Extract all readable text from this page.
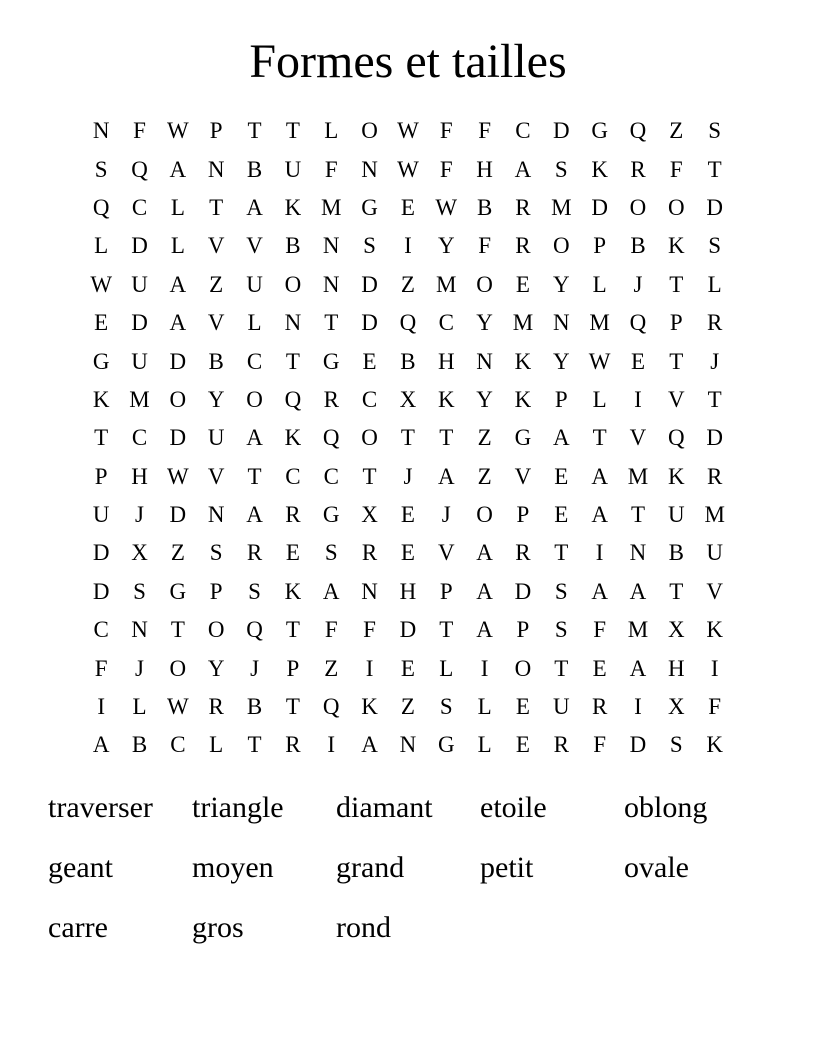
Formes et tailles
N	F W P	T	T	L	O W F	F	C D G Q	Z	S
S	Q A N B U	F	N W F	H A	S	K R	F	T
Q C	L	T	A K M G	E W B	R M D O O D
L	D	L	V V B N	S	I	Y	F	R O	P	B K	S
W U A	Z	U O N D	Z M O	E	Y	L	J	T	L
E	D A V	L	N	T	D Q C Y M N M Q	P	R
G U D B	C	T	G	E	B H N K Y W E	T	J
K M O Y O Q R	C X K Y K	P	L	I	V	T
T	C D U A K Q O	T	T	Z	G A	T	V Q D
P	H W V	T	C	C	T	J	A	Z	V	E	A M K R
U	J	D N A R G X	E	J	O	P	E	A	T	U M
D X	Z	S	R	E	S	R	E	V A R	T	I	N B U
D	S	G	P	S	K A N H	P	A D	S	A A	T	V
C N	T	O Q	T	F	F	D	T	A	P	S	F M X K
F	J	O Y	J	P	Z	I	E	L	I	O	T	E	A H	I
I	L W R	B	T	Q K	Z	S	L	E	U R	I	X	F
A B	C	L	T	R	I	A N G	L	E	R	F	D	S	K
traverser	triangle	diamant	etoile	oblong
geant	moyen	grand	petit	ovale
carre	gros	rond
